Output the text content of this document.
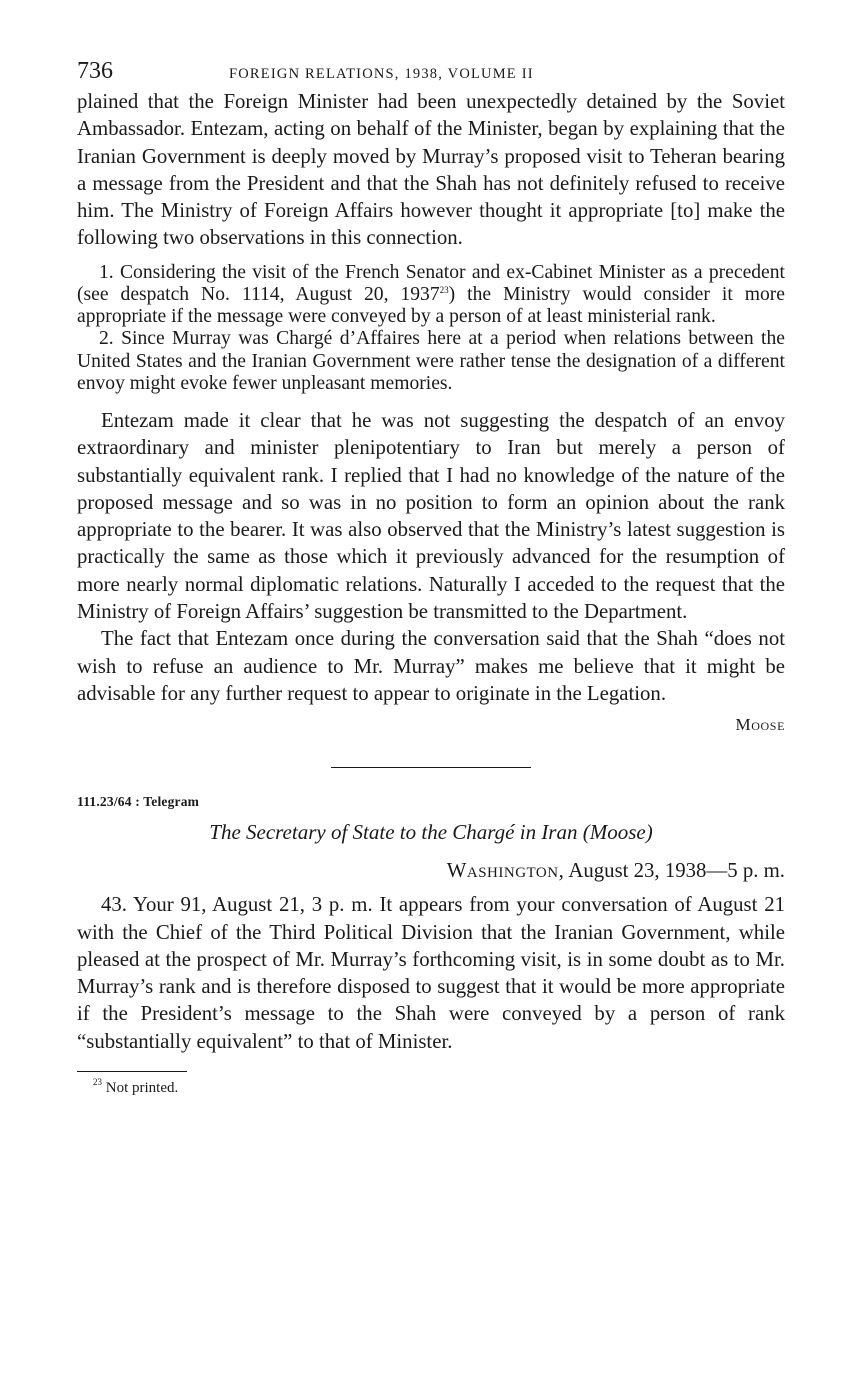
736	FOREIGN RELATIONS, 1938, VOLUME II

plained that the Foreign Minister had been unexpectedly detained by the Soviet Ambassador. Entezam, acting on behalf of the Minister, began by explaining that the Iranian Government is deeply moved by Murray’s proposed visit to Teheran bearing a message from the President and that the Shah has not definitely refused to receive him. The Ministry of Foreign Affairs however thought it appropriate [to] make the following two observations in this connection.

1. Considering the visit of the French Senator and ex-Cabinet Minister as a precedent (see despatch No. 1114, August 20, 1937$^{23}$) the Ministry would consider it more appropriate if the message were conveyed by a person of at least ministerial rank.

2. Since Murray was Chargé d’Affaires here at a period when relations between the United States and the Iranian Government were rather tense the designation of a different envoy might evoke fewer unpleasant memories.

Entezam made it clear that he was not suggesting the despatch of an envoy extraordinary and minister plenipotentiary to Iran but merely a person of substantially equivalent rank. I replied that I had no knowledge of the nature of the proposed message and so was in no position to form an opinion about the rank appropriate to the bearer. It was also observed that the Ministry’s latest suggestion is practically the same as those which it previously advanced for the resumption of more nearly normal diplomatic relations. Naturally I acceded to the request that the Ministry of Foreign Affairs’ suggestion be transmitted to the Department.

The fact that Entezam once during the conversation said that the Shah “does not wish to refuse an audience to Mr. Murray” makes me believe that it might be advisable for any further request to appear to originate in the Legation.

Moose
111.23/64 : Telegram
The Secretary of State to the Chargé in Iran (Moose)
Washington, August 23, 1938—5 p. m.

43. Your 91, August 21, 3 p. m. It appears from your conversation of August 21 with the Chief of the Third Political Division that the Iranian Government, while pleased at the prospect of Mr. Murray’s forthcoming visit, is in some doubt as to Mr. Murray’s rank and is therefore disposed to suggest that it would be more appropriate if the President’s message to the Shah were conveyed by a person of rank “substantially equivalent” to that of Minister.

$^{23}$ Not printed.
